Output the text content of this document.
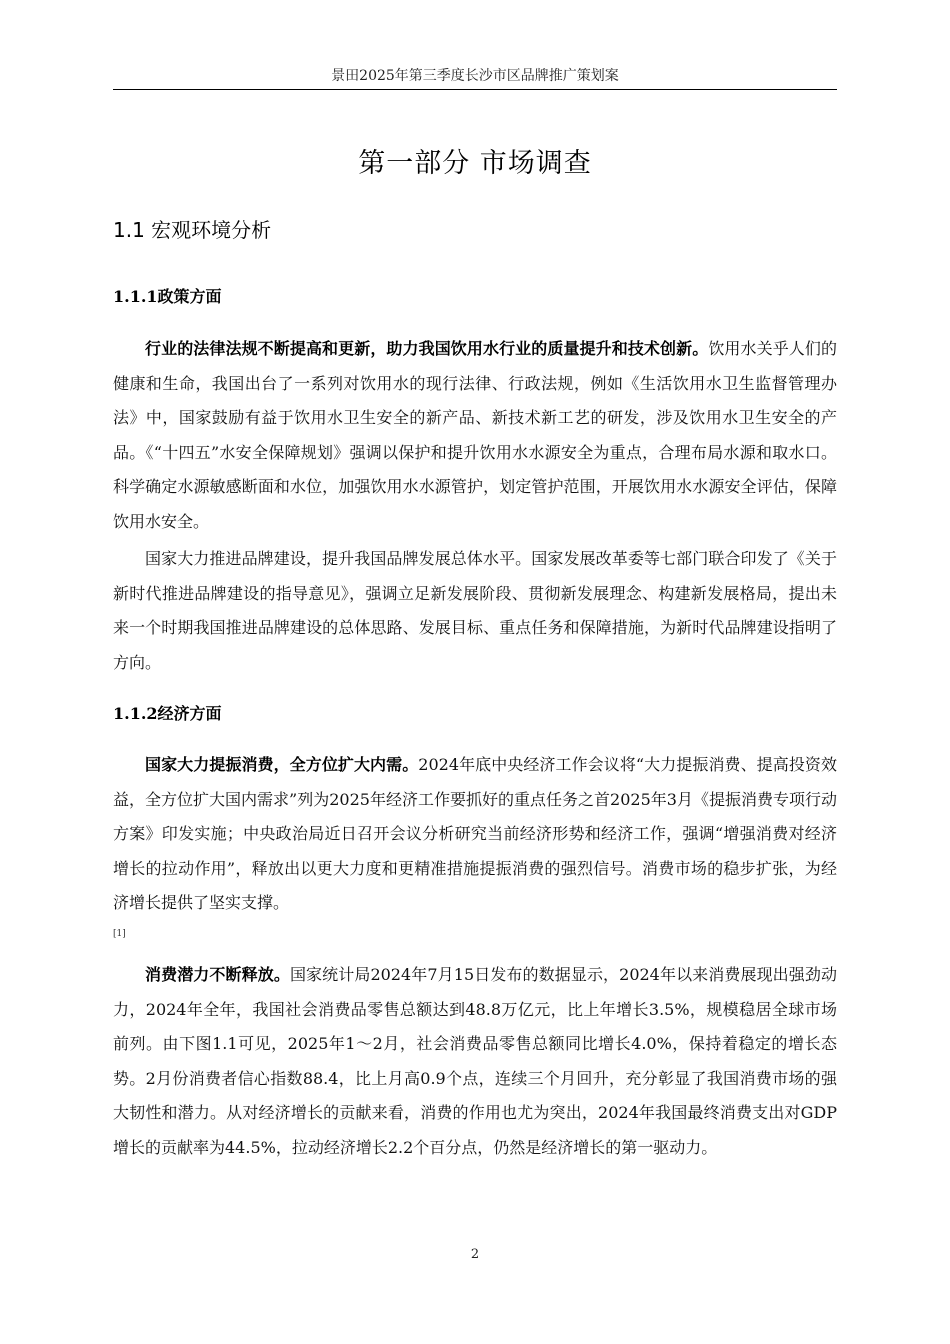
景田2025年第三季度长沙市区品牌推广策划案
第一部分 市场调查
1.1 宏观环境分析
1.1.1政策方面
行业的法律法规不断提高和更新，助力我国饮用水行业的质量提升和技术创新。饮用水关乎人们的健康和生命，我国出台了一系列对饮用水的现行法律、行政法规，例如《生活饮用水卫生监督管理办法》中，国家鼓励有益于饮用水卫生安全的新产品、新技术新工艺的研发，涉及饮用水卫生安全的产品。《“十四五”水安全保障规划》强调以保护和提升饮用水水源安全为重点，合理布局水源和取水口。科学确定水源敏感断面和水位，加强饮用水水源管护，划定管护范围，开展饮用水水源安全评估，保障饮用水安全。
国家大力推进品牌建设，提升我国品牌发展总体水平。国家发展改革委等七部门联合印发了《关于新时代推进品牌建设的指导意见》，强调立足新发展阶段、贯彻新发展理念、构建新发展格局，提出未来一个时期我国推进品牌建设的总体思路、发展目标、重点任务和保障措施，为新时代品牌建设指明了方向。
1.1.2经济方面
国家大力提振消费，全方位扩大内需。2024年底中央经济工作会议将“大力提振消费、提高投资效益，全方位扩大国内需求”列为2025年经济工作要抓好的重点任务之首2025年3月《提振消费专项行动方案》印发实施；中央政治局近日召开会议分析研究当前经济形势和经济工作，强调“增强消费对经济增长的拉动作用”，释放出以更大力度和更精准措施提振消费的强烈信号。消费市场的稳步扩张，为经济增长提供了坚实支撑。
[1]
消费潜力不断释放。国家统计局2024年7月15日发布的数据显示，2024年以来消费展现出强劲动力，2024年全年，我国社会消费品零售总额达到48.8万亿元，比上年增长3.5%，规模稳居全球市场前列。由下图1.1可见，2025年1～2月，社会消费品零售总额同比增长4.0%，保持着稳定的增长态势。2月份消费者信心指数88.4，比上月高0.9个点，连续三个月回升，充分彰显了我国消费市场的强大韧性和潜力。从对经济增长的贡献来看，消费的作用也尤为突出，2024年我国最终消费支出对GDP增长的贡献率为44.5%，拉动经济增长2.2个百分点，仍然是经济增长的第一驱动力。
2
